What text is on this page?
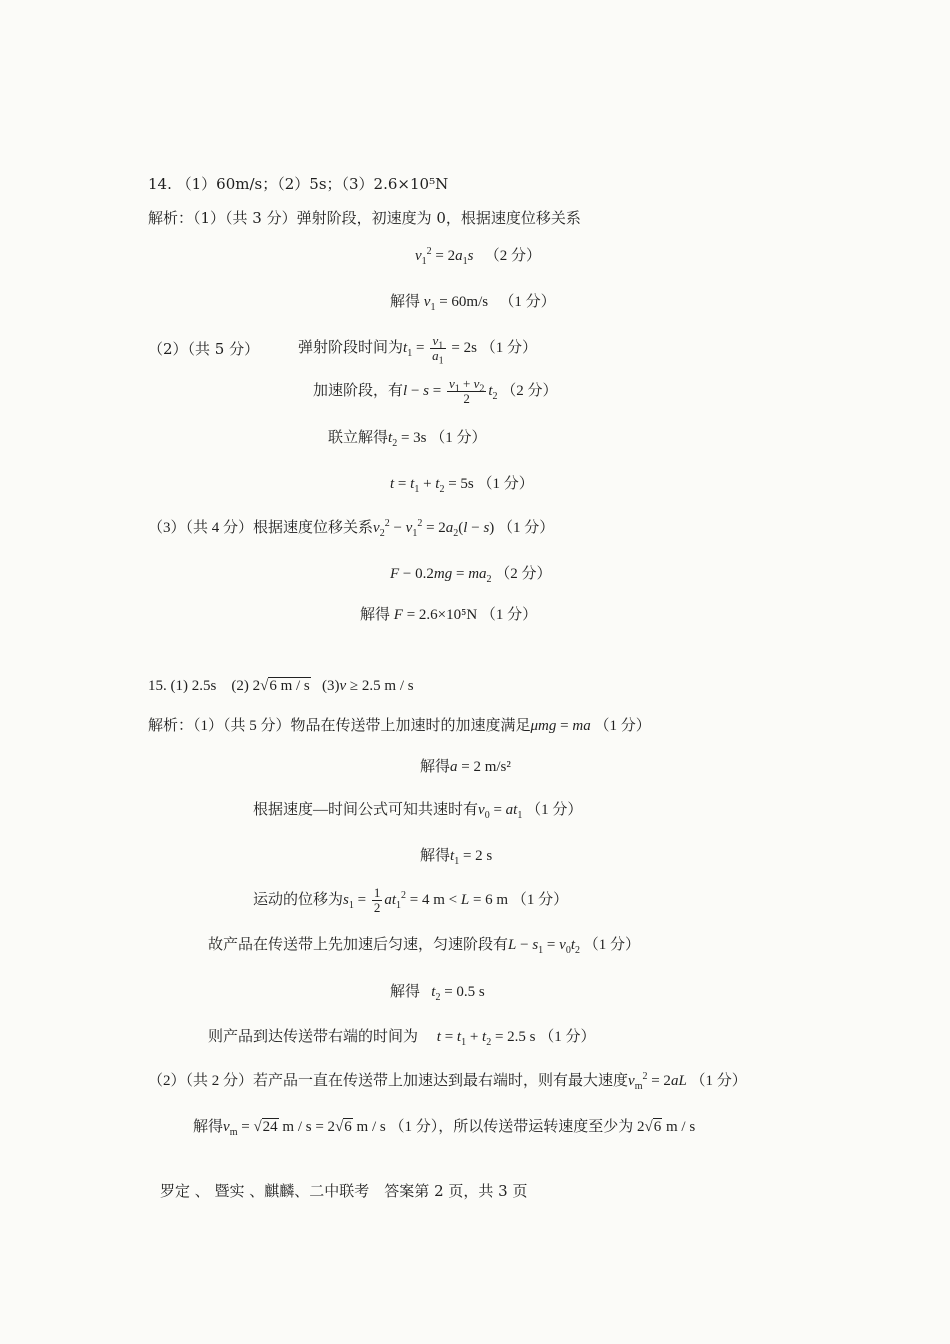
14. （1）60m/s；（2）5s；（3）2.6×10⁵N
解析：（1）（共 3 分）弹射阶段，初速度为 0，根据速度位移关系
$v_1^2 = 2a_1s$ （2 分）
解得 $v_1 = 60m/s$ （1 分）
（2）（共 5 分）	弹射阶段时间为$t_1 = \frac{v_1}{a_1} = 2s$ （1 分）
加速阶段，有$l - s = \frac{v_1 + v_2}{2} t_2$ （2 分）
联立解得$t_2 = 3s$ （1 分）
$t = t_1 + t_2 = 5s$ （1 分）
（3）（共 4 分）根据速度位移关系$v_2^2 - v_1^2 = 2a_2(l - s)$ （1 分）
$F - 0.2mg = ma_2$ （2 分）
解得 F = 2.6×10⁵N （1 分）
15. (1) 2.5s (2) 2√6 m / s (3)v ≥ 2.5 m / s
解析：（1）（共 5 分）物品在传送带上加速时的加速度满足μmg = ma （1 分）
解得a = 2 m/s²
根据速度—时间公式可知共速时有$v_0 = at_1$ （1 分）
解得$t_1 = 2$ s
运动的位移为$s_1 = \frac{1}{2} at_1^2 = 4$ m < L = 6 m （1 分）
故产品在传送带上先加速后匀速，匀速阶段有$L - s_1 = v_0t_2$ （1 分）
解得 $t_2 = 0.5$ s
则产品到达传送带右端的时间为 $t = t_1 + t_2 = 2.5$ s （1 分）
（2）（共 2 分）若产品一直在传送带上加速达到最右端时，则有最大速度$v_m^2 = 2aL$ （1 分）
解得$v_m = √24$ m / s = 2√6 m / s （1 分），所以传送带运转速度至少为 2√6 m / s
罗定 、 暨实 、麒麟、二中联考　答案第 2 页，共 3 页
